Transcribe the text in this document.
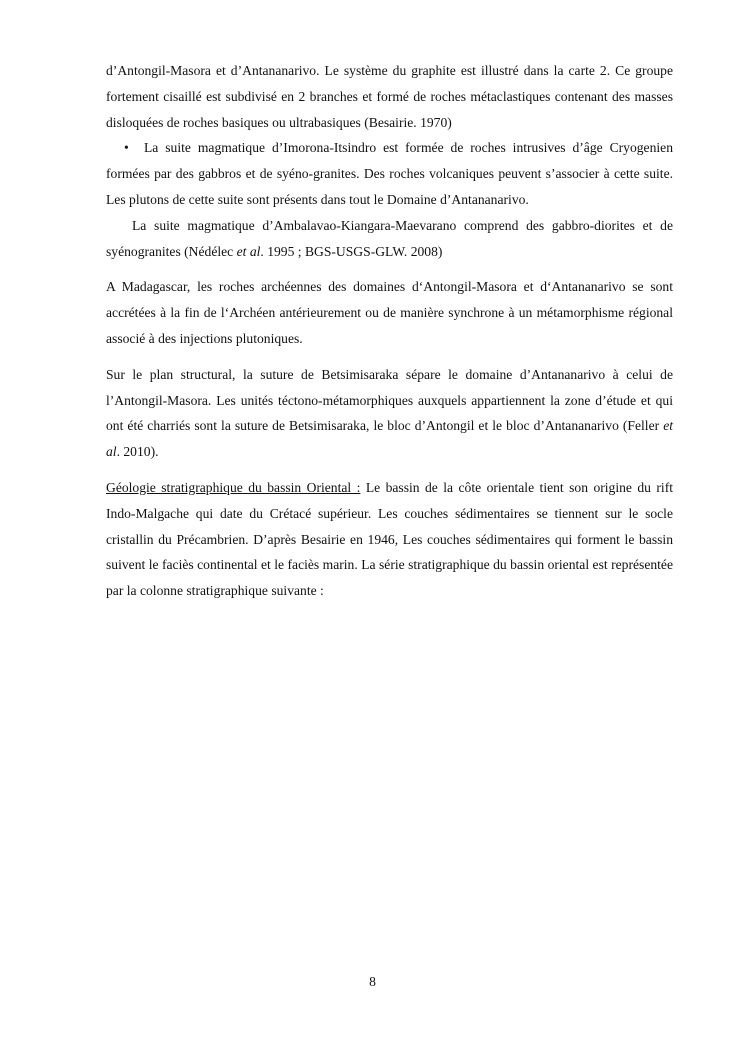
d’Antongil-Masora et d’Antananarivo. Le système du graphite est illustré dans la carte 2. Ce groupe fortement cisaillé est subdivisé en 2 branches et formé de roches métaclastiques contenant des masses disloquées de roches basiques ou ultrabasiques (Besairie. 1970)

• La suite magmatique d’Imorona-Itsindro est formée de roches intrusives d’âge Cryogenien formées par des gabbros et de syéno-granites. Des roches volcaniques peuvent s’associer à cette suite. Les plutons de cette suite sont présents dans tout le Domaine d’Antananarivo.

La suite magmatique d’Ambalavao-Kiangara-Maevarano comprend des gabbro-diorites et de syénogranites (Nédélec et al. 1995 ; BGS-USGS-GLW. 2008)

A Madagascar, les roches archéennes des domaines d‘Antongil-Masora et d‘Antananarivo se sont accrétées à la fin de l‘Archéen antérieurement ou de manière synchrone à un métamorphisme régional associé à des injections plutoniques.

Sur le plan structural, la suture de Betsimisaraka sépare le domaine d’Antananarivo à celui de l’Antongil-Masora. Les unités téctono-métamorphiques auxquels appartiennent la zone d’étude et qui ont été charriés sont la suture de Betsimisaraka, le bloc d’Antongil et le bloc d’Antananarivo (Feller et al. 2010).

Géologie stratigraphique du bassin Oriental : Le bassin de la côte orientale tient son origine du rift Indo-Malgache qui date du Crétacé supérieur. Les couches sédimentaires se tiennent sur le socle cristallin du Précambrien. D’après Besairie en 1946, Les couches sédimentaires qui forment le bassin suivent le faciès continental et le faciès marin. La série stratigraphique du bassin oriental est représentée par la colonne stratigraphique suivante :

8
